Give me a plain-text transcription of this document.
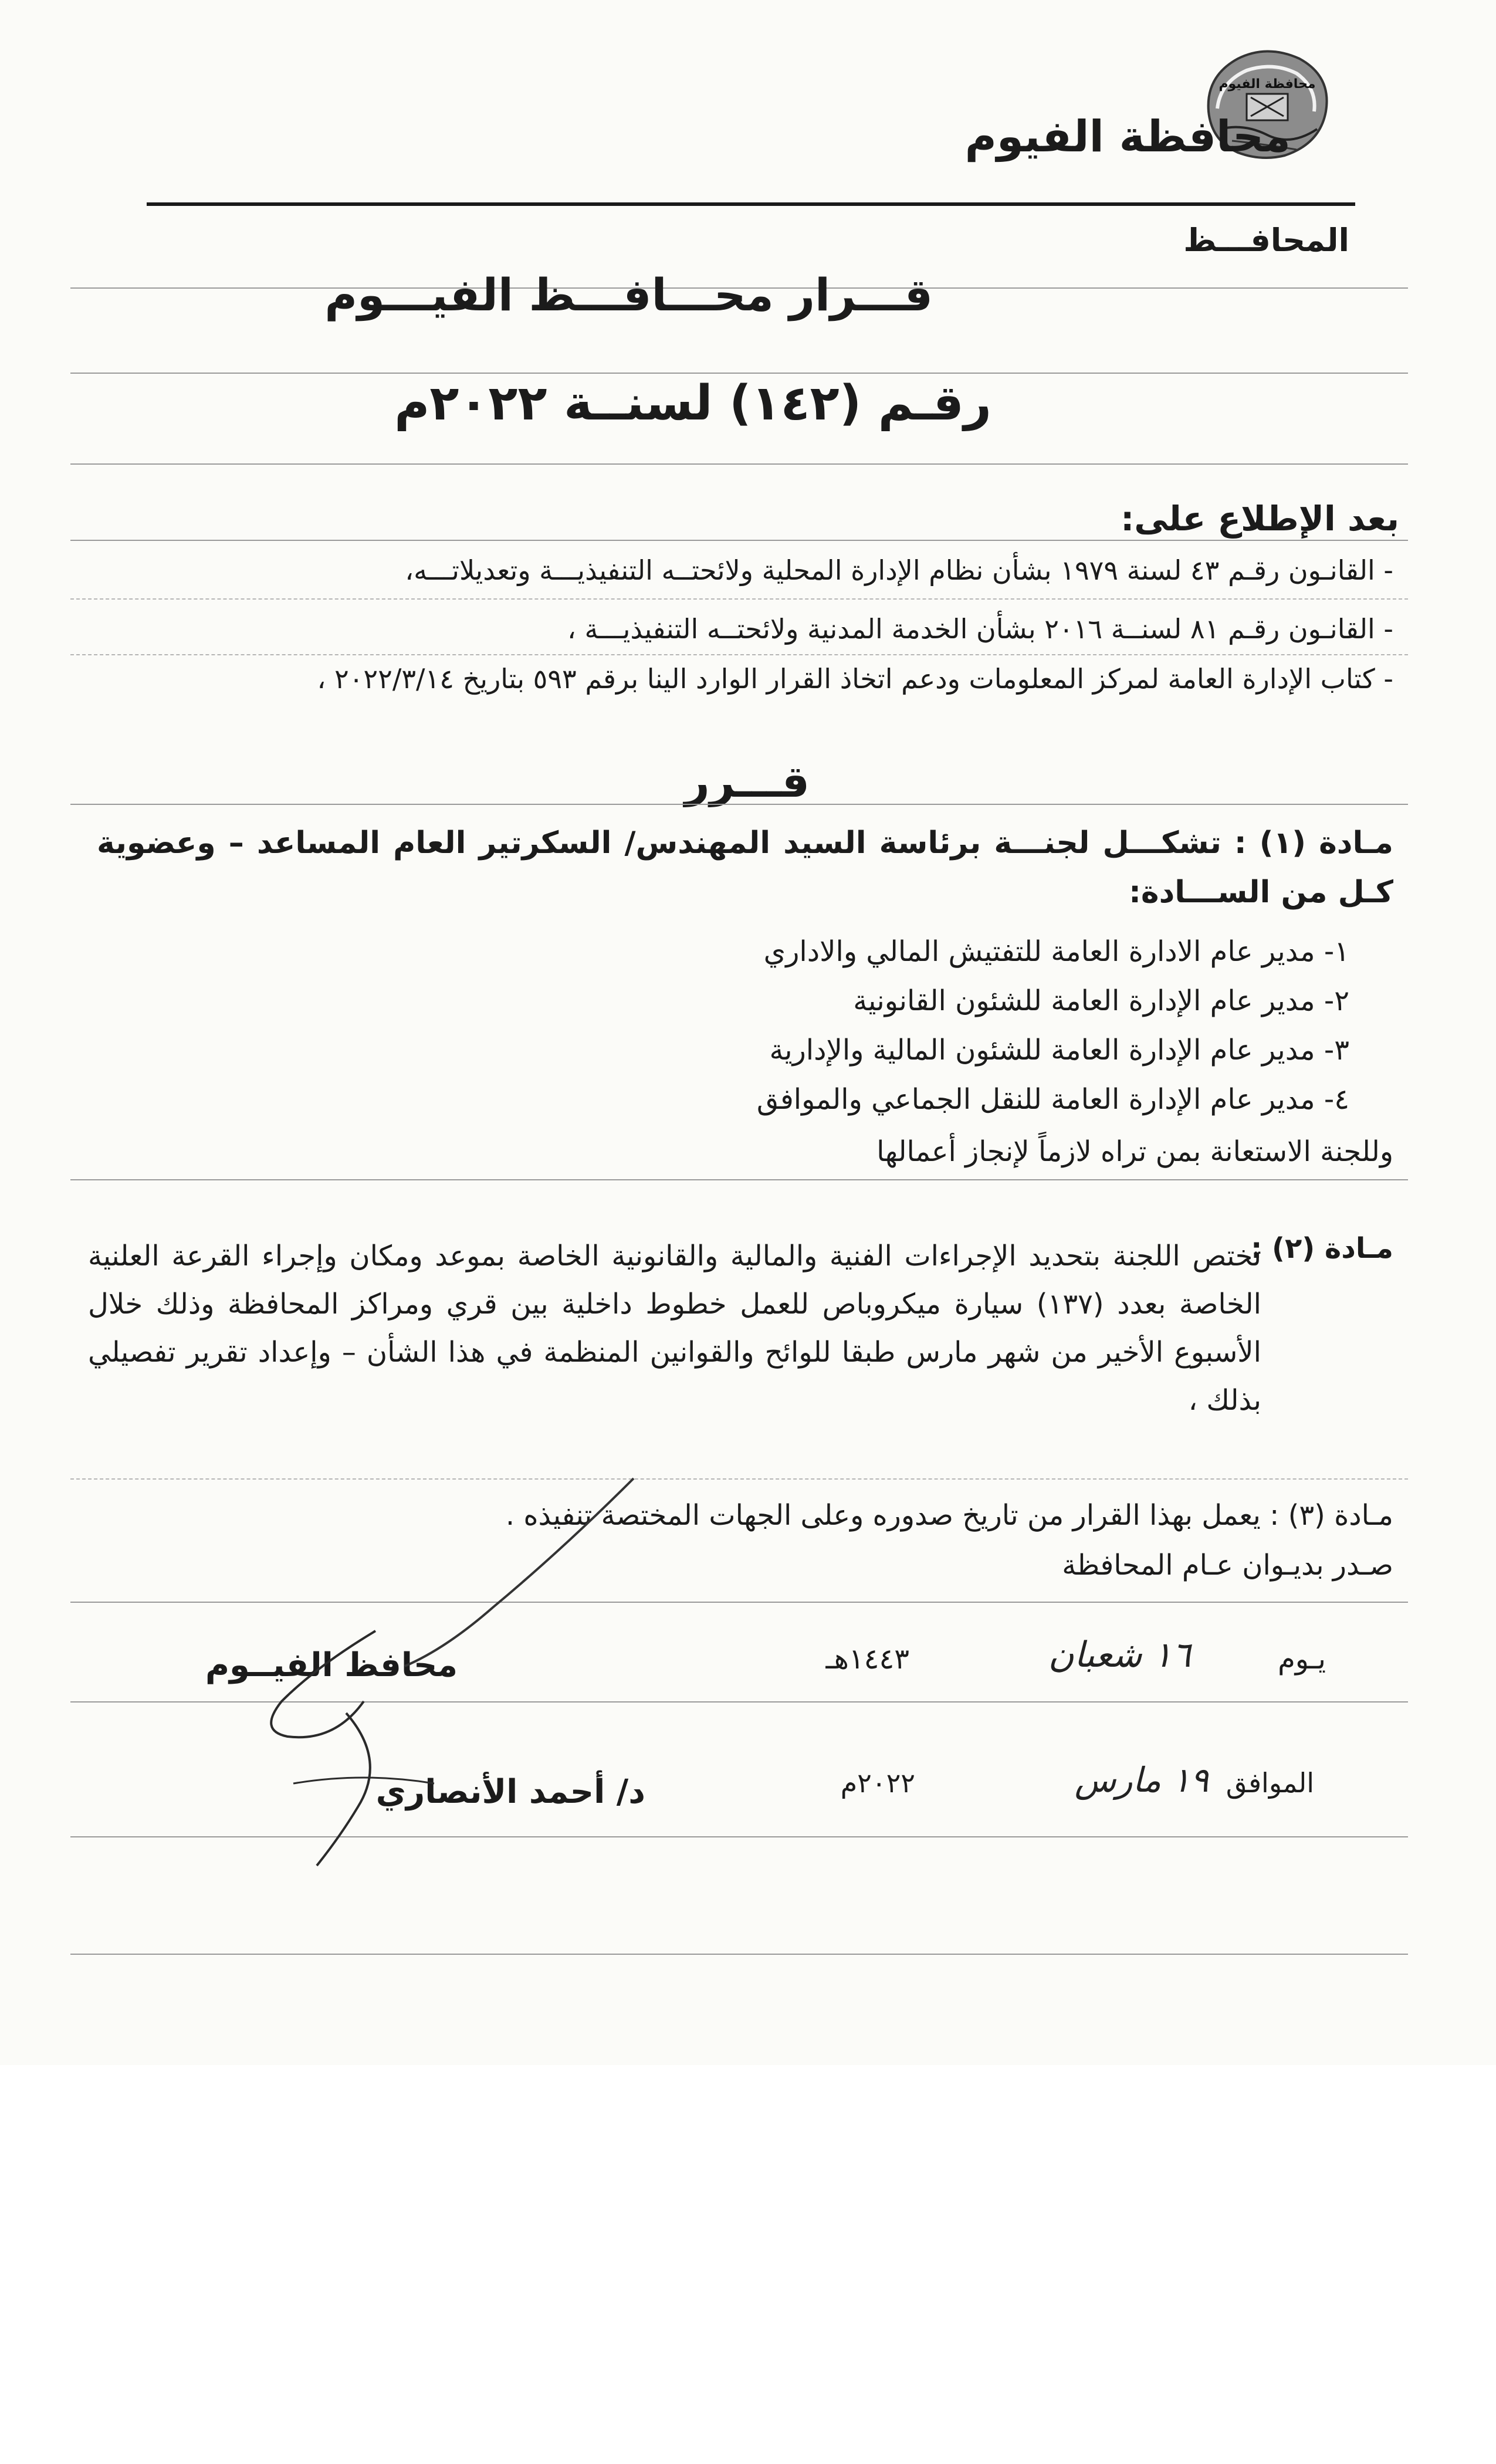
محافظة الفيوم
محافظة الفيوم
المحافـــظ
قـــرار محـــافـــظ الفيـــوم
رقـم (١٤٢) لسنــة ٢٠٢٢م
بعد الإطلاع على:
- القانـون رقـم ٤٣ لسنة ١٩٧٩ بشأن نظام الإدارة المحلية ولائحتــه التنفيذيـــة وتعديلاتـــه،
- القانـون رقـم ٨١ لسنــة ٢٠١٦ بشأن الخدمة المدنية ولائحتــه التنفيذيـــة ،
- كتاب الإدارة العامة لمركز المعلومات ودعم اتخاذ القرار الوارد الينا برقم ٥٩٣ بتاريخ ٢٠٢٢/٣/١٤ ،
قـــرر
مـادة (١) : تشكـــل لجنـــة برئاسة السيد المهندس/ السكرتير العام المساعد – وعضوية كـل من الســـادة:
١- مدير عام الادارة العامة للتفتيش المالي والاداري
٢- مدير عام الإدارة العامة للشئون القانونية
٣- مدير عام الإدارة العامة للشئون المالية والإدارية
٤- مدير عام الإدارة العامة للنقل الجماعي والموافق
وللجنة الاستعانة بمن تراه لازماً لإنجاز أعمالها
مـادة (٢) :
تختص اللجنة بتحديد الإجراءات الفنية والمالية والقانونية الخاصة بموعد ومكان وإجراء القرعة العلنية الخاصة بعدد (١٣٧) سيارة ميكروباص للعمل خطوط داخلية بين قري ومراكز المحافظة وذلك خلال الأسبوع الأخير من شهر مارس طبقا للوائح والقوانين المنظمة في هذا الشأن – وإعداد تقرير تفصيلي بذلك ،
مـادة (٣) : يعمل بهذا القرار من تاريخ صدوره وعلى الجهات المختصة تنفيذه .
صـدر بديـوان عـام المحافظة
يـوم
١٦ شعبان
١٤٤٣هـ
الموافق
١٩ مارس
٢٠٢٢م
محافظ الفيــوم
د/ أحمد الأنصاري
